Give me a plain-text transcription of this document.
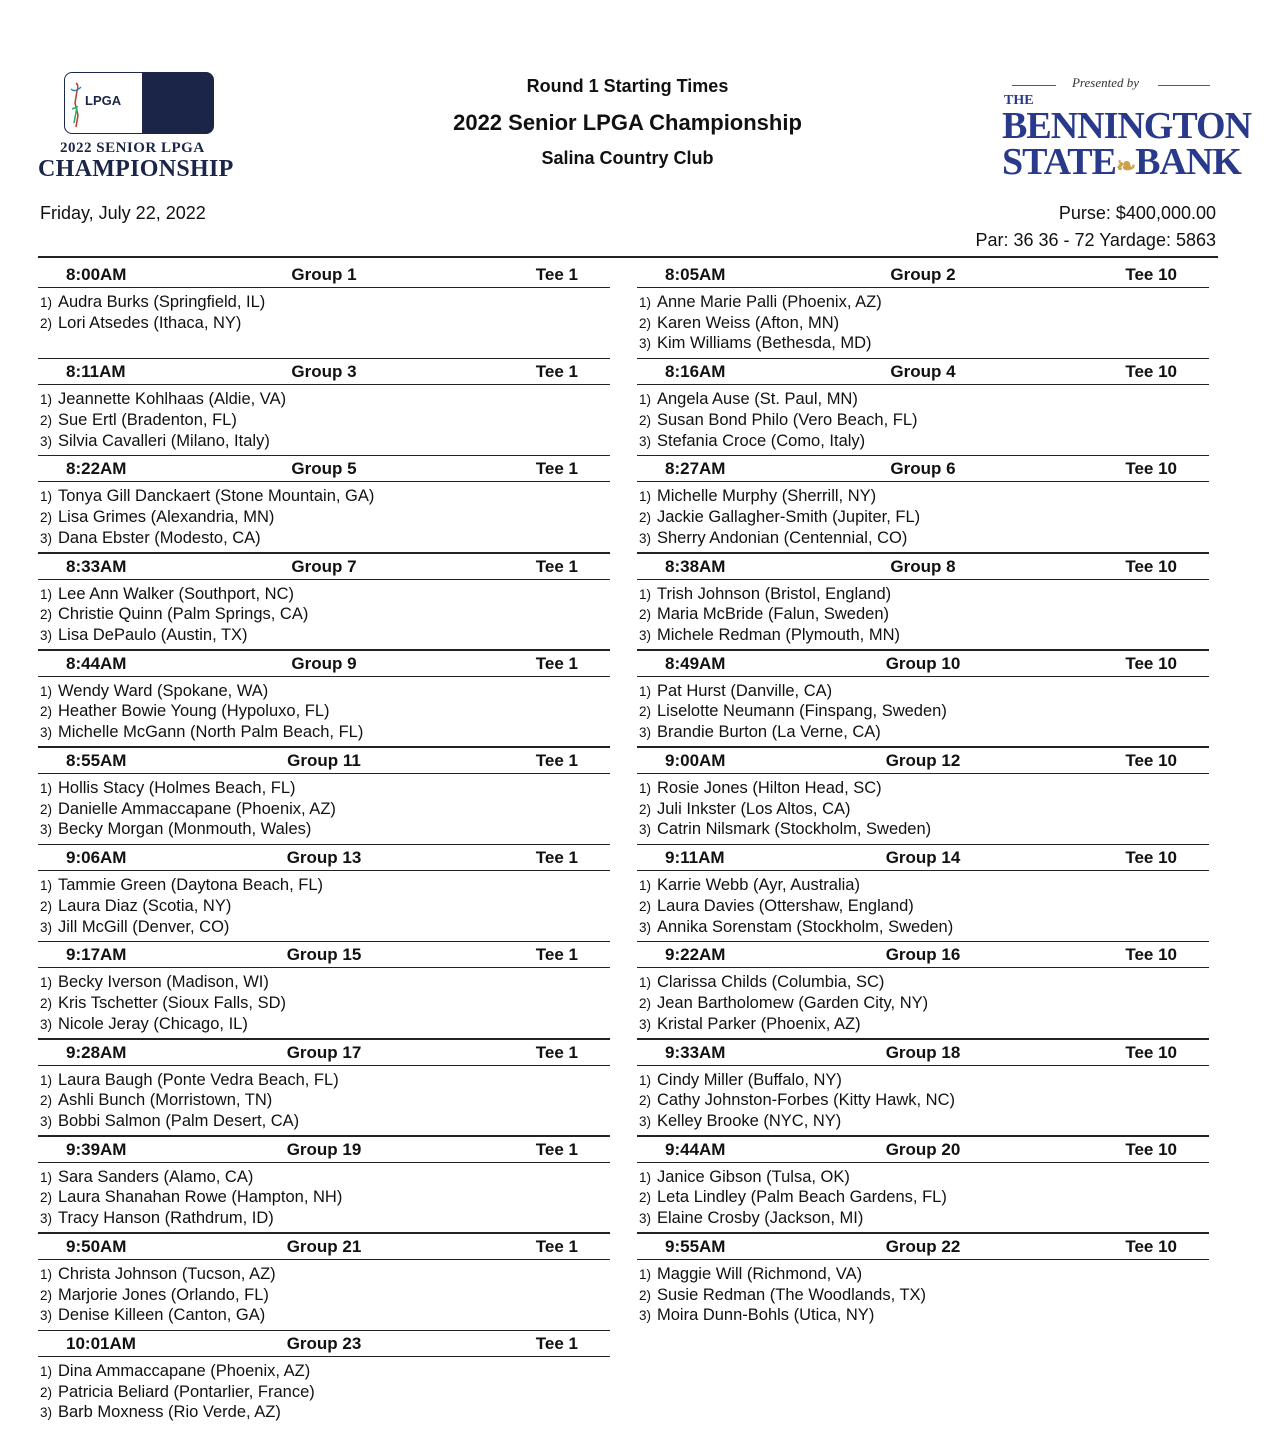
LPGA	SCC
2022 SENIOR LPGA
CHAMPIONSHIP
Round 1 Starting Times
2022 Senior LPGA Championship
Salina Country Club
Presented by
THE
BENNINGTON
STATE❧BANK
Friday, July 22, 2022	Purse: $400,000.00
Par: 36 36 - 72 Yardage: 5863
8:00AM	Group 1	Tee 1
1) Audra Burks (Springfield, IL)
2) Lori Atsedes (Ithaca, NY)
8:11AM	Group 3	Tee 1
1) Jeannette Kohlhaas (Aldie, VA)
2) Sue Ertl (Bradenton, FL)
3) Silvia Cavalleri (Milano, Italy)
8:22AM	Group 5	Tee 1
1) Tonya Gill Danckaert (Stone Mountain, GA)
2) Lisa Grimes (Alexandria, MN)
3) Dana Ebster (Modesto, CA)
8:33AM	Group 7	Tee 1
1) Lee Ann Walker (Southport, NC)
2) Christie Quinn (Palm Springs, CA)
3) Lisa DePaulo (Austin, TX)
8:44AM	Group 9	Tee 1
1) Wendy Ward (Spokane, WA)
2) Heather Bowie Young (Hypoluxo, FL)
3) Michelle McGann (North Palm Beach, FL)
8:55AM	Group 11	Tee 1
1) Hollis Stacy (Holmes Beach, FL)
2) Danielle Ammaccapane (Phoenix, AZ)
3) Becky Morgan (Monmouth, Wales)
9:06AM	Group 13	Tee 1
1) Tammie Green (Daytona Beach, FL)
2) Laura Diaz (Scotia, NY)
3) Jill McGill (Denver, CO)
9:17AM	Group 15	Tee 1
1) Becky Iverson (Madison, WI)
2) Kris Tschetter (Sioux Falls, SD)
3) Nicole Jeray (Chicago, IL)
9:28AM	Group 17	Tee 1
1) Laura Baugh (Ponte Vedra Beach, FL)
2) Ashli Bunch (Morristown, TN)
3) Bobbi Salmon (Palm Desert, CA)
9:39AM	Group 19	Tee 1
1) Sara Sanders (Alamo, CA)
2) Laura Shanahan Rowe (Hampton, NH)
3) Tracy Hanson (Rathdrum, ID)
9:50AM	Group 21	Tee 1
1) Christa Johnson (Tucson, AZ)
2) Marjorie Jones (Orlando, FL)
3) Denise Killeen (Canton, GA)
10:01AM	Group 23	Tee 1
1) Dina Ammaccapane (Phoenix, AZ)
2) Patricia Beliard (Pontarlier, France)
3) Barb Moxness (Rio Verde, AZ)
8:05AM	Group 2	Tee 10
1) Anne Marie Palli (Phoenix, AZ)
2) Karen Weiss (Afton, MN)
3) Kim Williams (Bethesda, MD)
8:16AM	Group 4	Tee 10
1) Angela Ause (St. Paul, MN)
2) Susan Bond Philo (Vero Beach, FL)
3) Stefania Croce (Como, Italy)
8:27AM	Group 6	Tee 10
1) Michelle Murphy (Sherrill, NY)
2) Jackie Gallagher-Smith (Jupiter, FL)
3) Sherry Andonian (Centennial, CO)
8:38AM	Group 8	Tee 10
1) Trish Johnson (Bristol, England)
2) Maria McBride (Falun, Sweden)
3) Michele Redman (Plymouth, MN)
8:49AM	Group 10	Tee 10
1) Pat Hurst (Danville, CA)
2) Liselotte Neumann (Finspang, Sweden)
3) Brandie Burton (La Verne, CA)
9:00AM	Group 12	Tee 10
1) Rosie Jones (Hilton Head, SC)
2) Juli Inkster (Los Altos, CA)
3) Catrin Nilsmark (Stockholm, Sweden)
9:11AM	Group 14	Tee 10
1) Karrie Webb (Ayr, Australia)
2) Laura Davies (Ottershaw, England)
3) Annika Sorenstam (Stockholm, Sweden)
9:22AM	Group 16	Tee 10
1) Clarissa Childs (Columbia, SC)
2) Jean Bartholomew (Garden City, NY)
3) Kristal Parker (Phoenix, AZ)
9:33AM	Group 18	Tee 10
1) Cindy Miller (Buffalo, NY)
2) Cathy Johnston-Forbes (Kitty Hawk, NC)
3) Kelley Brooke (NYC, NY)
9:44AM	Group 20	Tee 10
1) Janice Gibson (Tulsa, OK)
2) Leta Lindley (Palm Beach Gardens, FL)
3) Elaine Crosby (Jackson, MI)
9:55AM	Group 22	Tee 10
1) Maggie Will (Richmond, VA)
2) Susie Redman (The Woodlands, TX)
3) Moira Dunn-Bohls (Utica, NY)
